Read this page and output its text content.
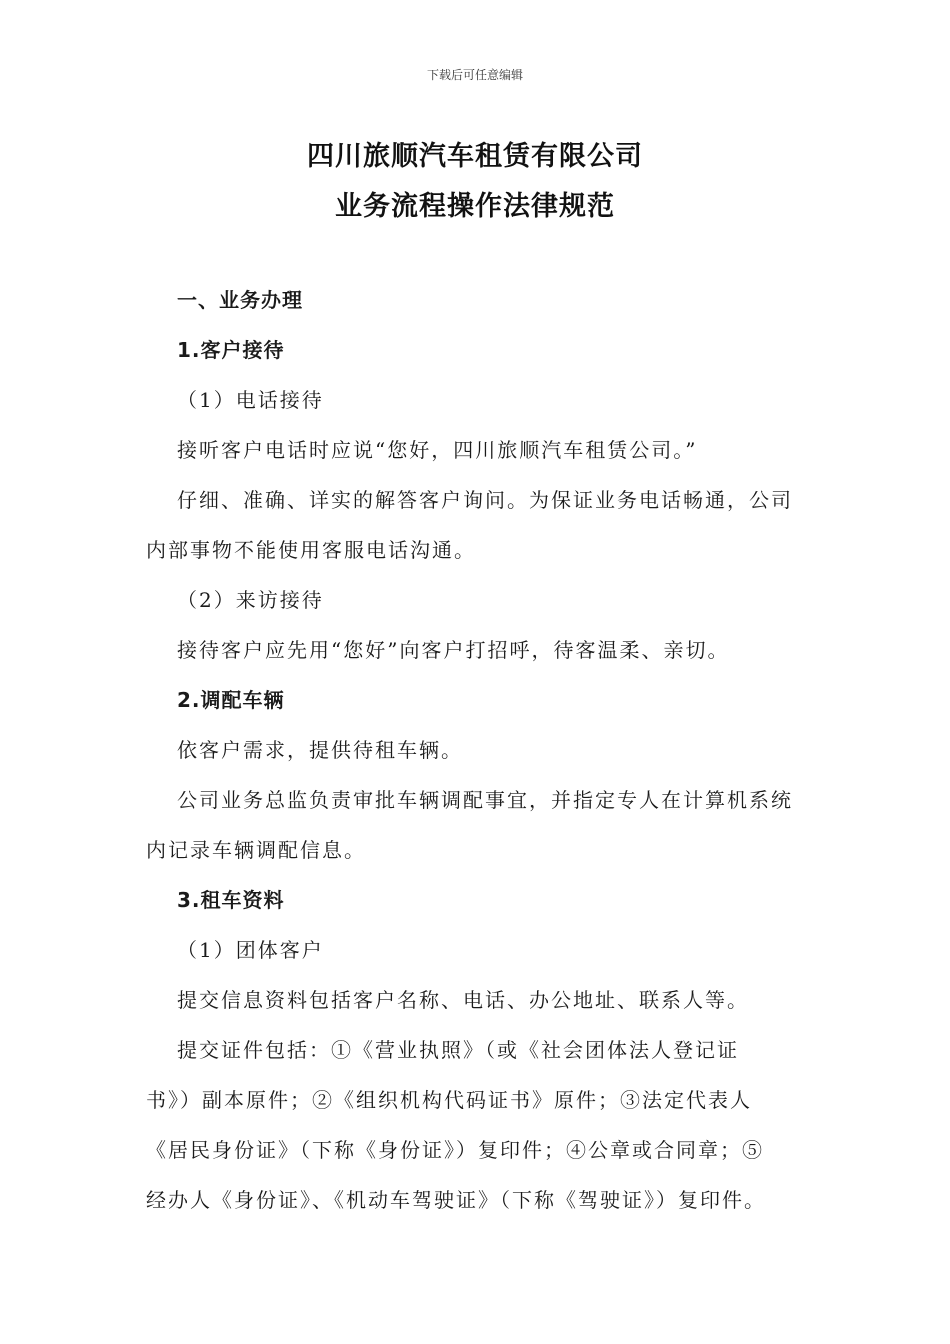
下载后可任意编辑
四川旅顺汽车租赁有限公司
业务流程操作法律规范
一、业务办理
1.客户接待
（1）电话接待
接听客户电话时应说“您好，四川旅顺汽车租赁公司。”
仔细、准确、详实的解答客户询问。为保证业务电话畅通，公司
内部事物不能使用客服电话沟通。
（2）来访接待
接待客户应先用“您好”向客户打招呼，待客温柔、亲切。
2.调配车辆
依客户需求，提供待租车辆。
公司业务总监负责审批车辆调配事宜，并指定专人在计算机系统
内记录车辆调配信息。
3.租车资料
（1）团体客户
提交信息资料包括客户名称、电话、办公地址、联系人等。
提交证件包括：①《营业执照》（或《社会团体法人登记证
书》）副本原件；②《组织机构代码证书》原件；③法定代表人
《居民身份证》（下称《身份证》）复印件；④公章或合同章；⑤
经办人《身份证》、《机动车驾驶证》（下称《驾驶证》）复印件。
